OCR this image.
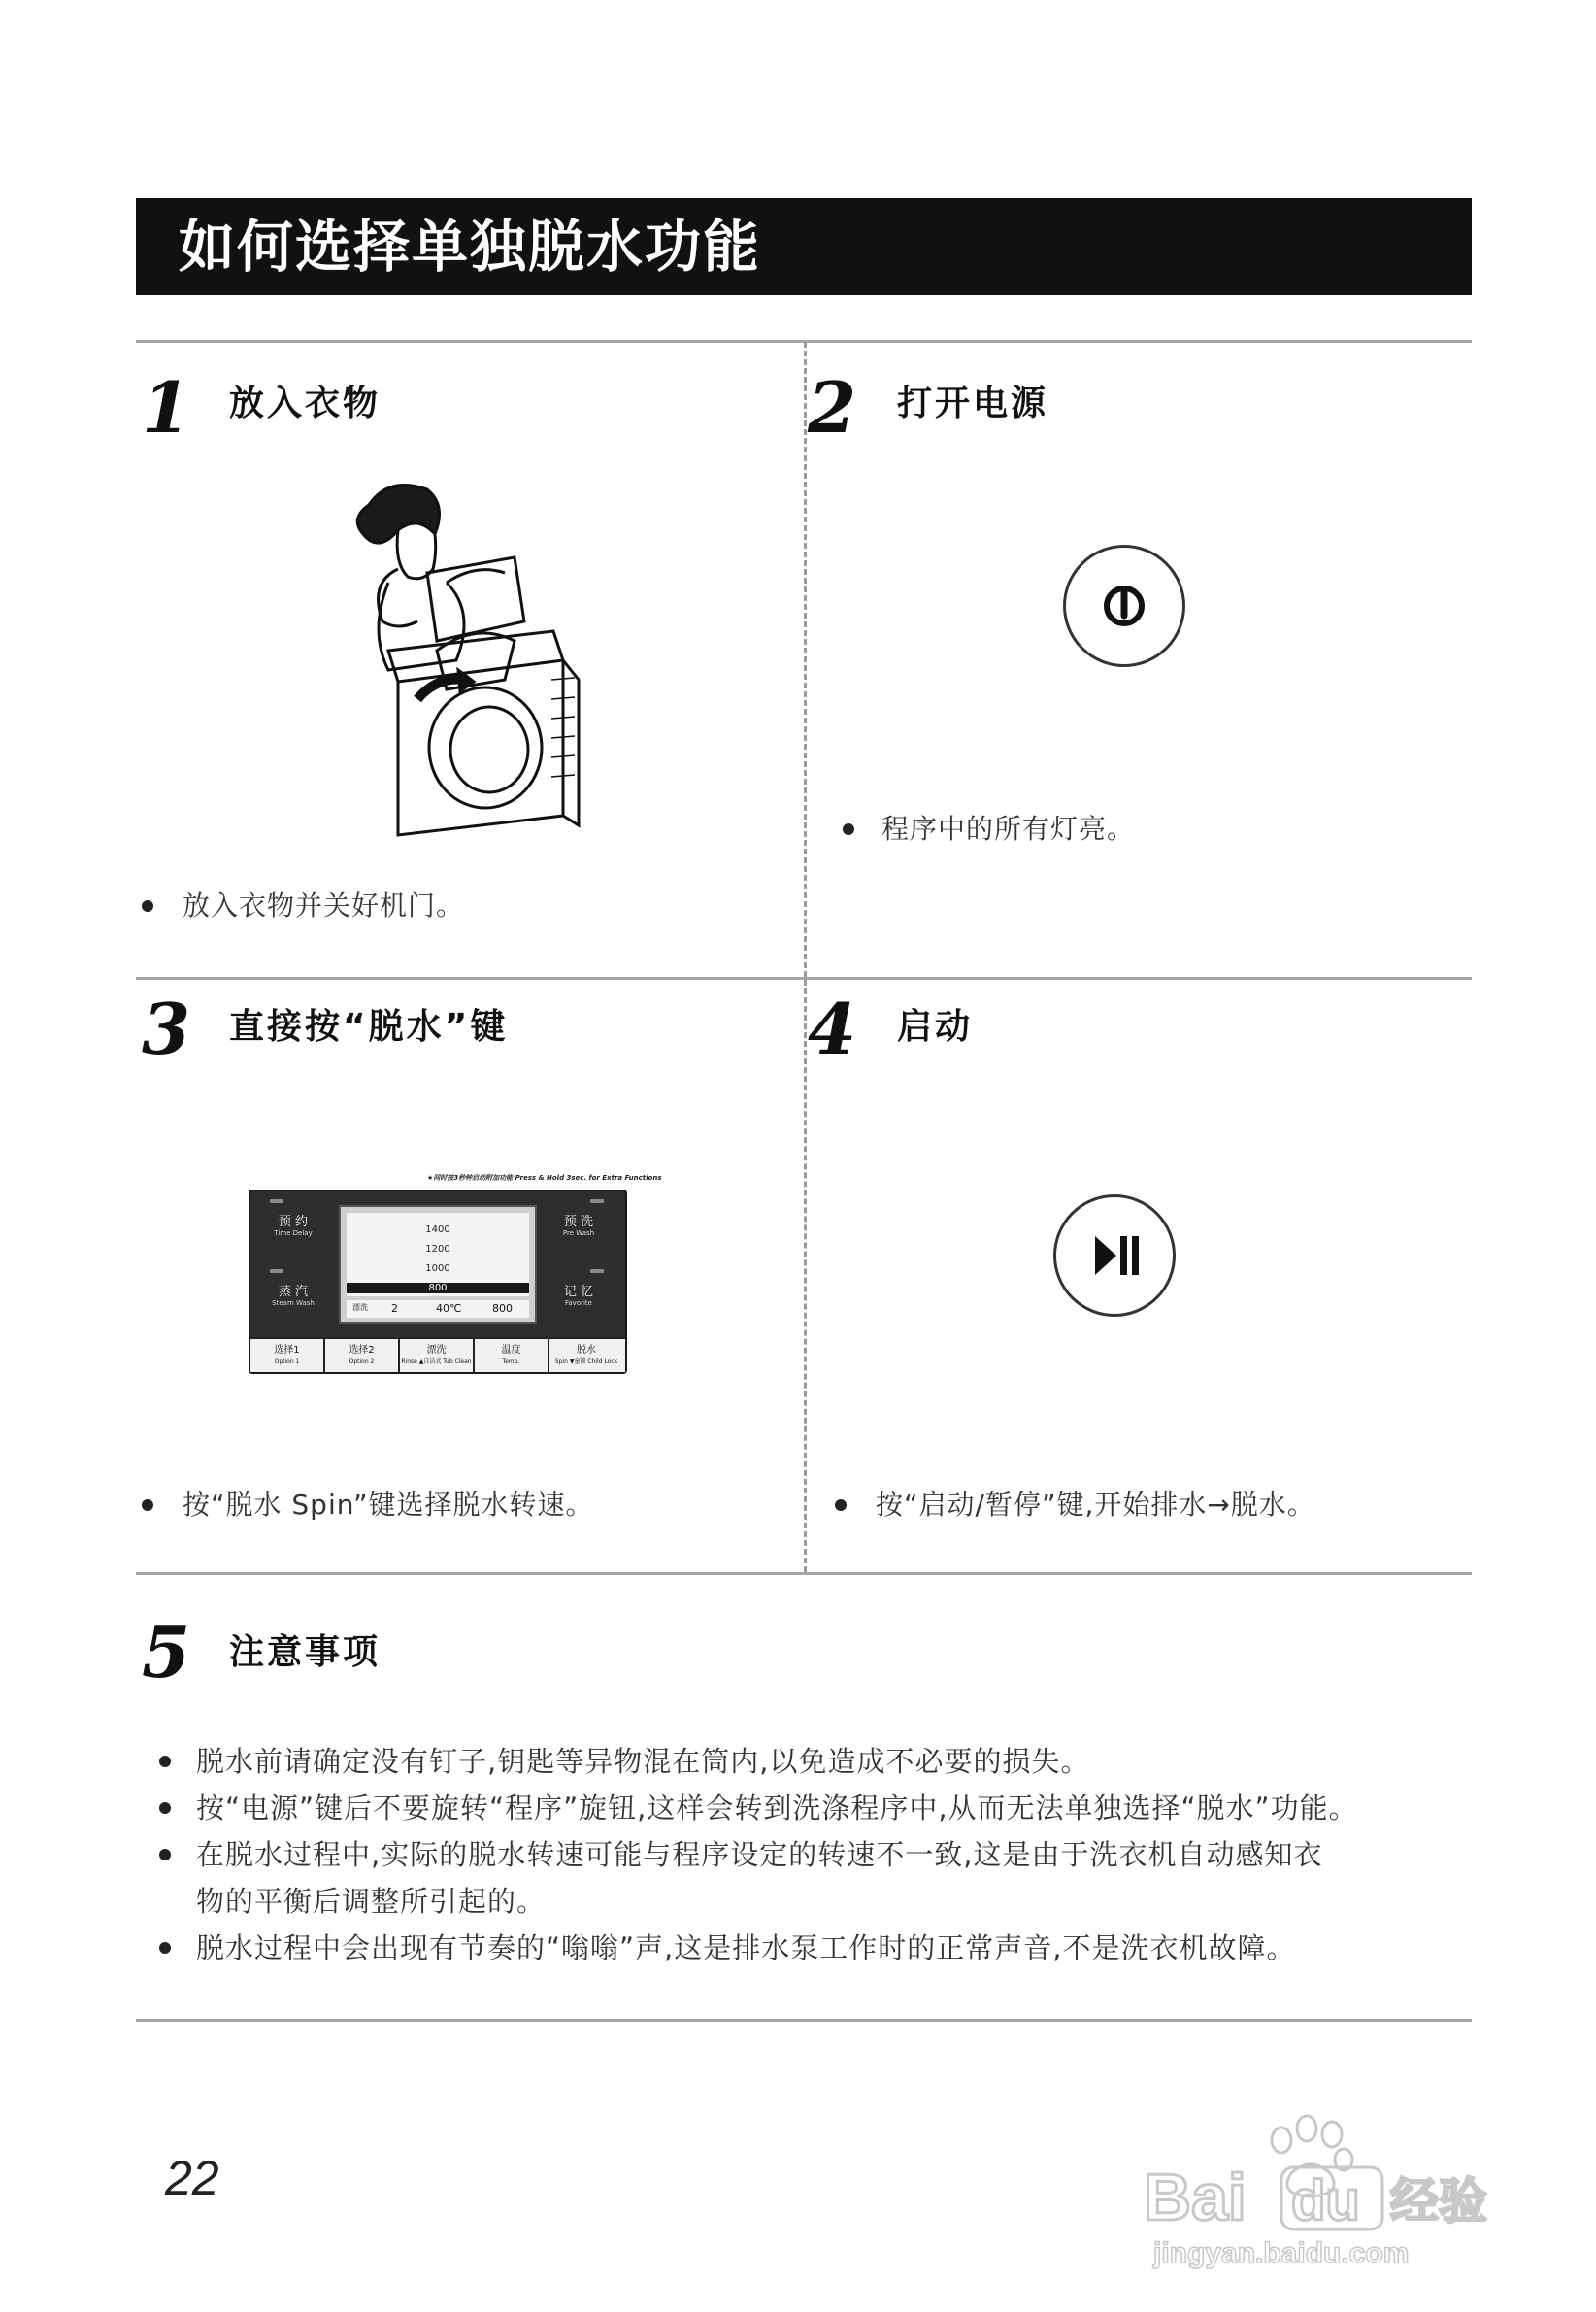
如何选择单独脱水功能
1 放入衣物
放入衣物并关好机门。
2 打开电源
程序中的所有灯亮。
3 直接按“脱水”键
★同时按3秒钟启动附加功能 Press & Hold 3sec. for Extra Functions
预 约
Time Delay
蒸 汽
Steam Wash
预 洗
Pre Wash
记 忆
Favorite
1400
1200
1000
800
漂洗 2	40℃	800
选择1
Option 1
选择2
Option 2
漂洗
Rinse ▲自洁式 Tub Clean
温度
Temp.
脱水
Spin ▼童锁 Child Lock
按“脱水 Spin”键选择脱水转速。
4 启动
按“启动/暂停”键,开始排水→脱水。
5 注意事项
脱水前请确定没有钉子,钥匙等异物混在筒内,以免造成不必要的损失。
按“电源”键后不要旋转“程序”旋钮,这样会转到洗涤程序中,从而无法单独选择“脱水”功能。
在脱水过程中,实际的脱水转速可能与程序设定的转速不一致,这是由于洗衣机自动感知衣
物的平衡后调整所引起的。
脱水过程中会出现有节奏的“嗡嗡”声,这是排水泵工作时的正常声音,不是洗衣机故障。
22	Bai du 经验
jingyan.baidu.com
